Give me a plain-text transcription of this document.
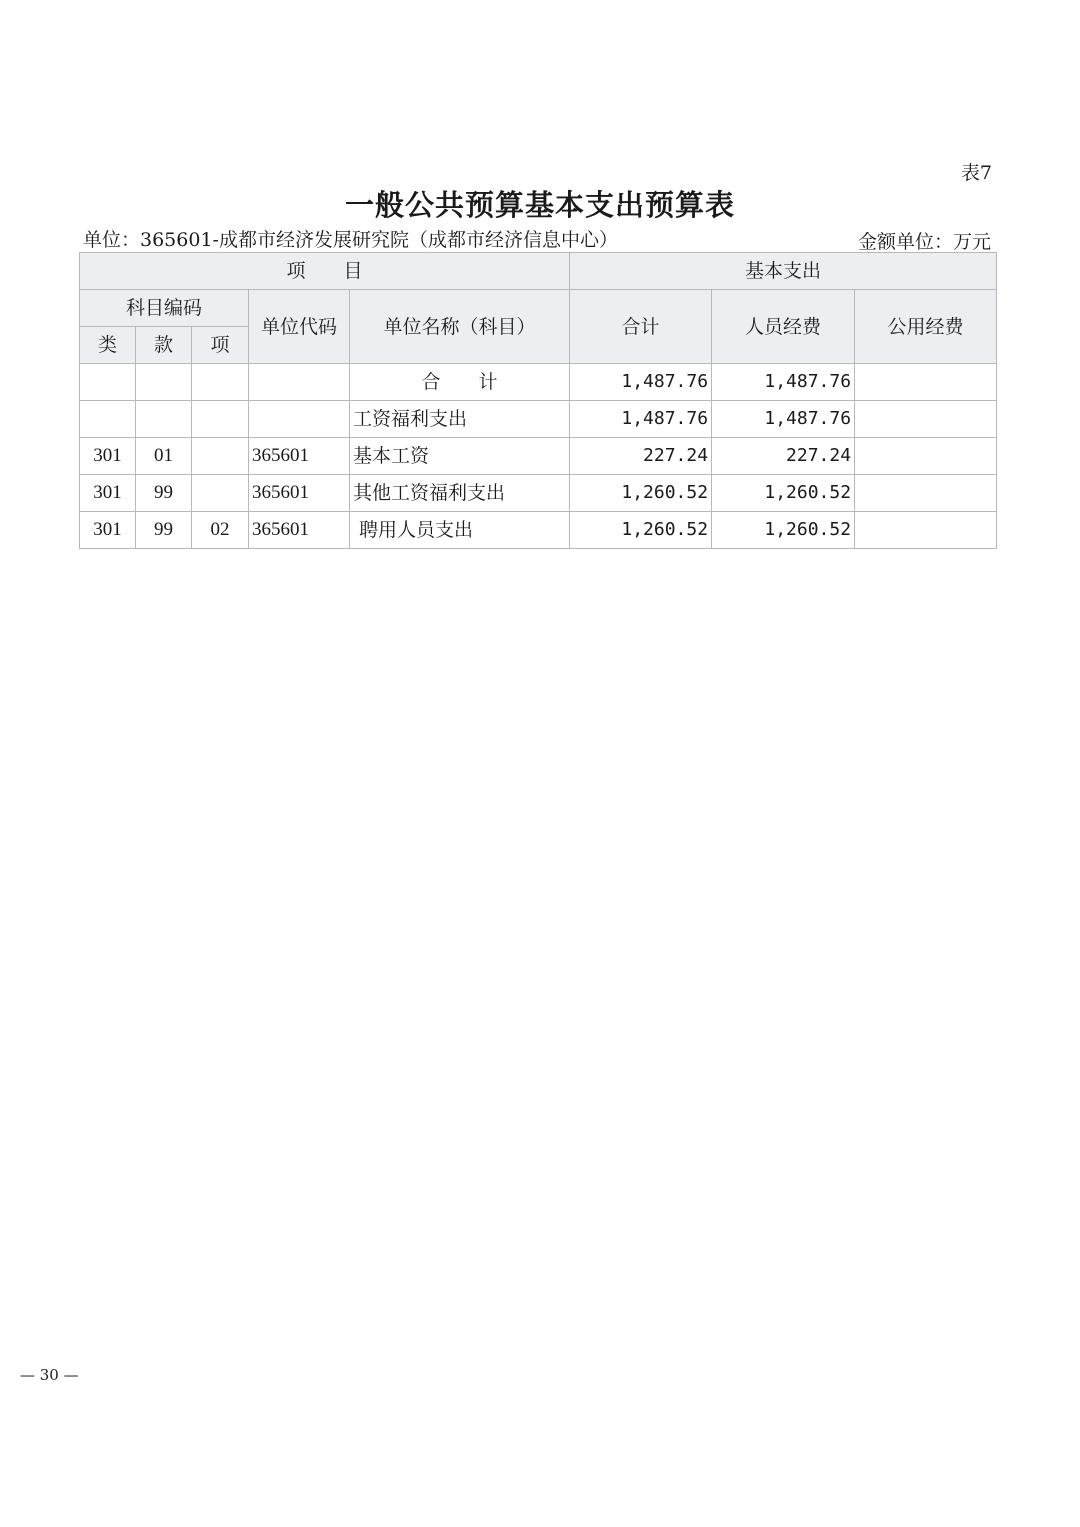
表7
一般公共预算基本支出预算表
单位：365601-成都市经济发展研究院（成都市经济信息中心）	金额单位：万元
项　　目					基本支出		
科目编码			单位代码	单位名称（科目）	合计	人员经费	公用经费
类	款	项					
				合　　计	1,487.76	1,487.76	
				工资福利支出	1,487.76	1,487.76	
301	01		365601	基本工资	227.24	227.24	
301	99		365601	其他工资福利支出	1,260.52	1,260.52	
301	99	02	365601	聘用人员支出	1,260.52	1,260.52	
— 30 —
